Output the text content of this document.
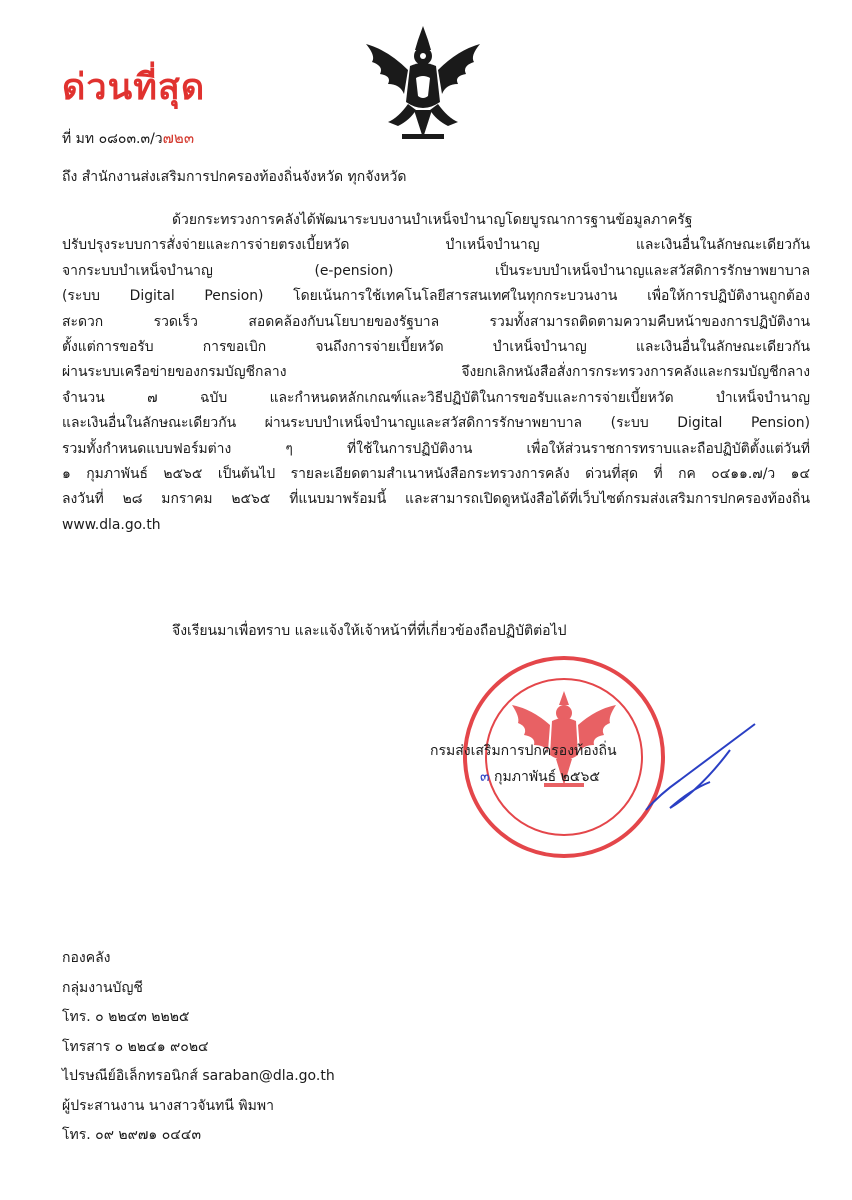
ด่วนที่สุด
ที่ มท ๐๘๐๓.๓/ว๗๒๓
ถึง สำนักงานส่งเสริมการปกครองท้องถิ่นจังหวัด ทุกจังหวัด

ด้วยกระทรวงการคลังได้พัฒนาระบบงานบำเหน็จบำนาญโดยบูรณาการฐานข้อมูลภาครัฐ

ปรับปรุงระบบการสั่งจ่ายและการจ่ายตรงเบี้ยหวัด บำเหน็จบำนาญ และเงินอื่นในลักษณะเดียวกัน

จากระบบบำเหน็จบำนาญ (e-pension) เป็นระบบบำเหน็จบำนาญและสวัสดิการรักษาพยาบาล

(ระบบ Digital Pension) โดยเน้นการใช้เทคโนโลยีสารสนเทศในทุกกระบวนงาน เพื่อให้การปฏิบัติงานถูกต้อง

สะดวก รวดเร็ว สอดคล้องกับนโยบายของรัฐบาล รวมทั้งสามารถติดตามความคืบหน้าของการปฏิบัติงาน

ตั้งแต่การขอรับ การขอเบิก จนถึงการจ่ายเบี้ยหวัด บำเหน็จบำนาญ และเงินอื่นในลักษณะเดียวกัน

ผ่านระบบเครือข่ายของกรมบัญชีกลาง จึงยกเลิกหนังสือสั่งการกระทรวงการคลังและกรมบัญชีกลาง

จำนวน ๗ ฉบับ และกำหนดหลักเกณฑ์และวิธีปฏิบัติในการขอรับและการจ่ายเบี้ยหวัด บำเหน็จบำนาญ

และเงินอื่นในลักษณะเดียวกัน ผ่านระบบบำเหน็จบำนาญและสวัสดิการรักษาพยาบาล (ระบบ Digital Pension)

รวมทั้งกำหนดแบบฟอร์มต่าง ๆ ที่ใช้ในการปฏิบัติงาน เพื่อให้ส่วนราชการทราบและถือปฏิบัติตั้งแต่วันที่

๑ กุมภาพันธ์ ๒๕๖๕ เป็นต้นไป รายละเอียดตามสำเนาหนังสือกระทรวงการคลัง ด่วนที่สุด ที่ กค ๐๔๑๑.๗/ว ๑๔

ลงวันที่ ๒๘ มกราคม ๒๕๖๕ ที่แนบมาพร้อมนี้ และสามารถเปิดดูหนังสือได้ที่เว็บไซต์กรมส่งเสริมการปกครองท้องถิ่น

www.dla.go.th

จึงเรียนมาเพื่อทราบ และแจ้งให้เจ้าหน้าที่ที่เกี่ยวข้องถือปฏิบัติต่อไป
กรมส่งเสริมการปกครองท้องถิ่น
๓ กุมภาพันธ์ ๒๕๖๕
กองคลัง
กลุ่มงานบัญชี
โทร. ๐ ๒๒๔๓ ๒๒๒๕
โทรสาร ๐ ๒๒๔๑ ๙๐๒๔
ไปรษณีย์อิเล็กทรอนิกส์ saraban@dla.go.th
ผู้ประสานงาน นางสาวจันทนี พิมพา
โทร. ๐๙ ๒๙๗๑ ๐๔๔๓
